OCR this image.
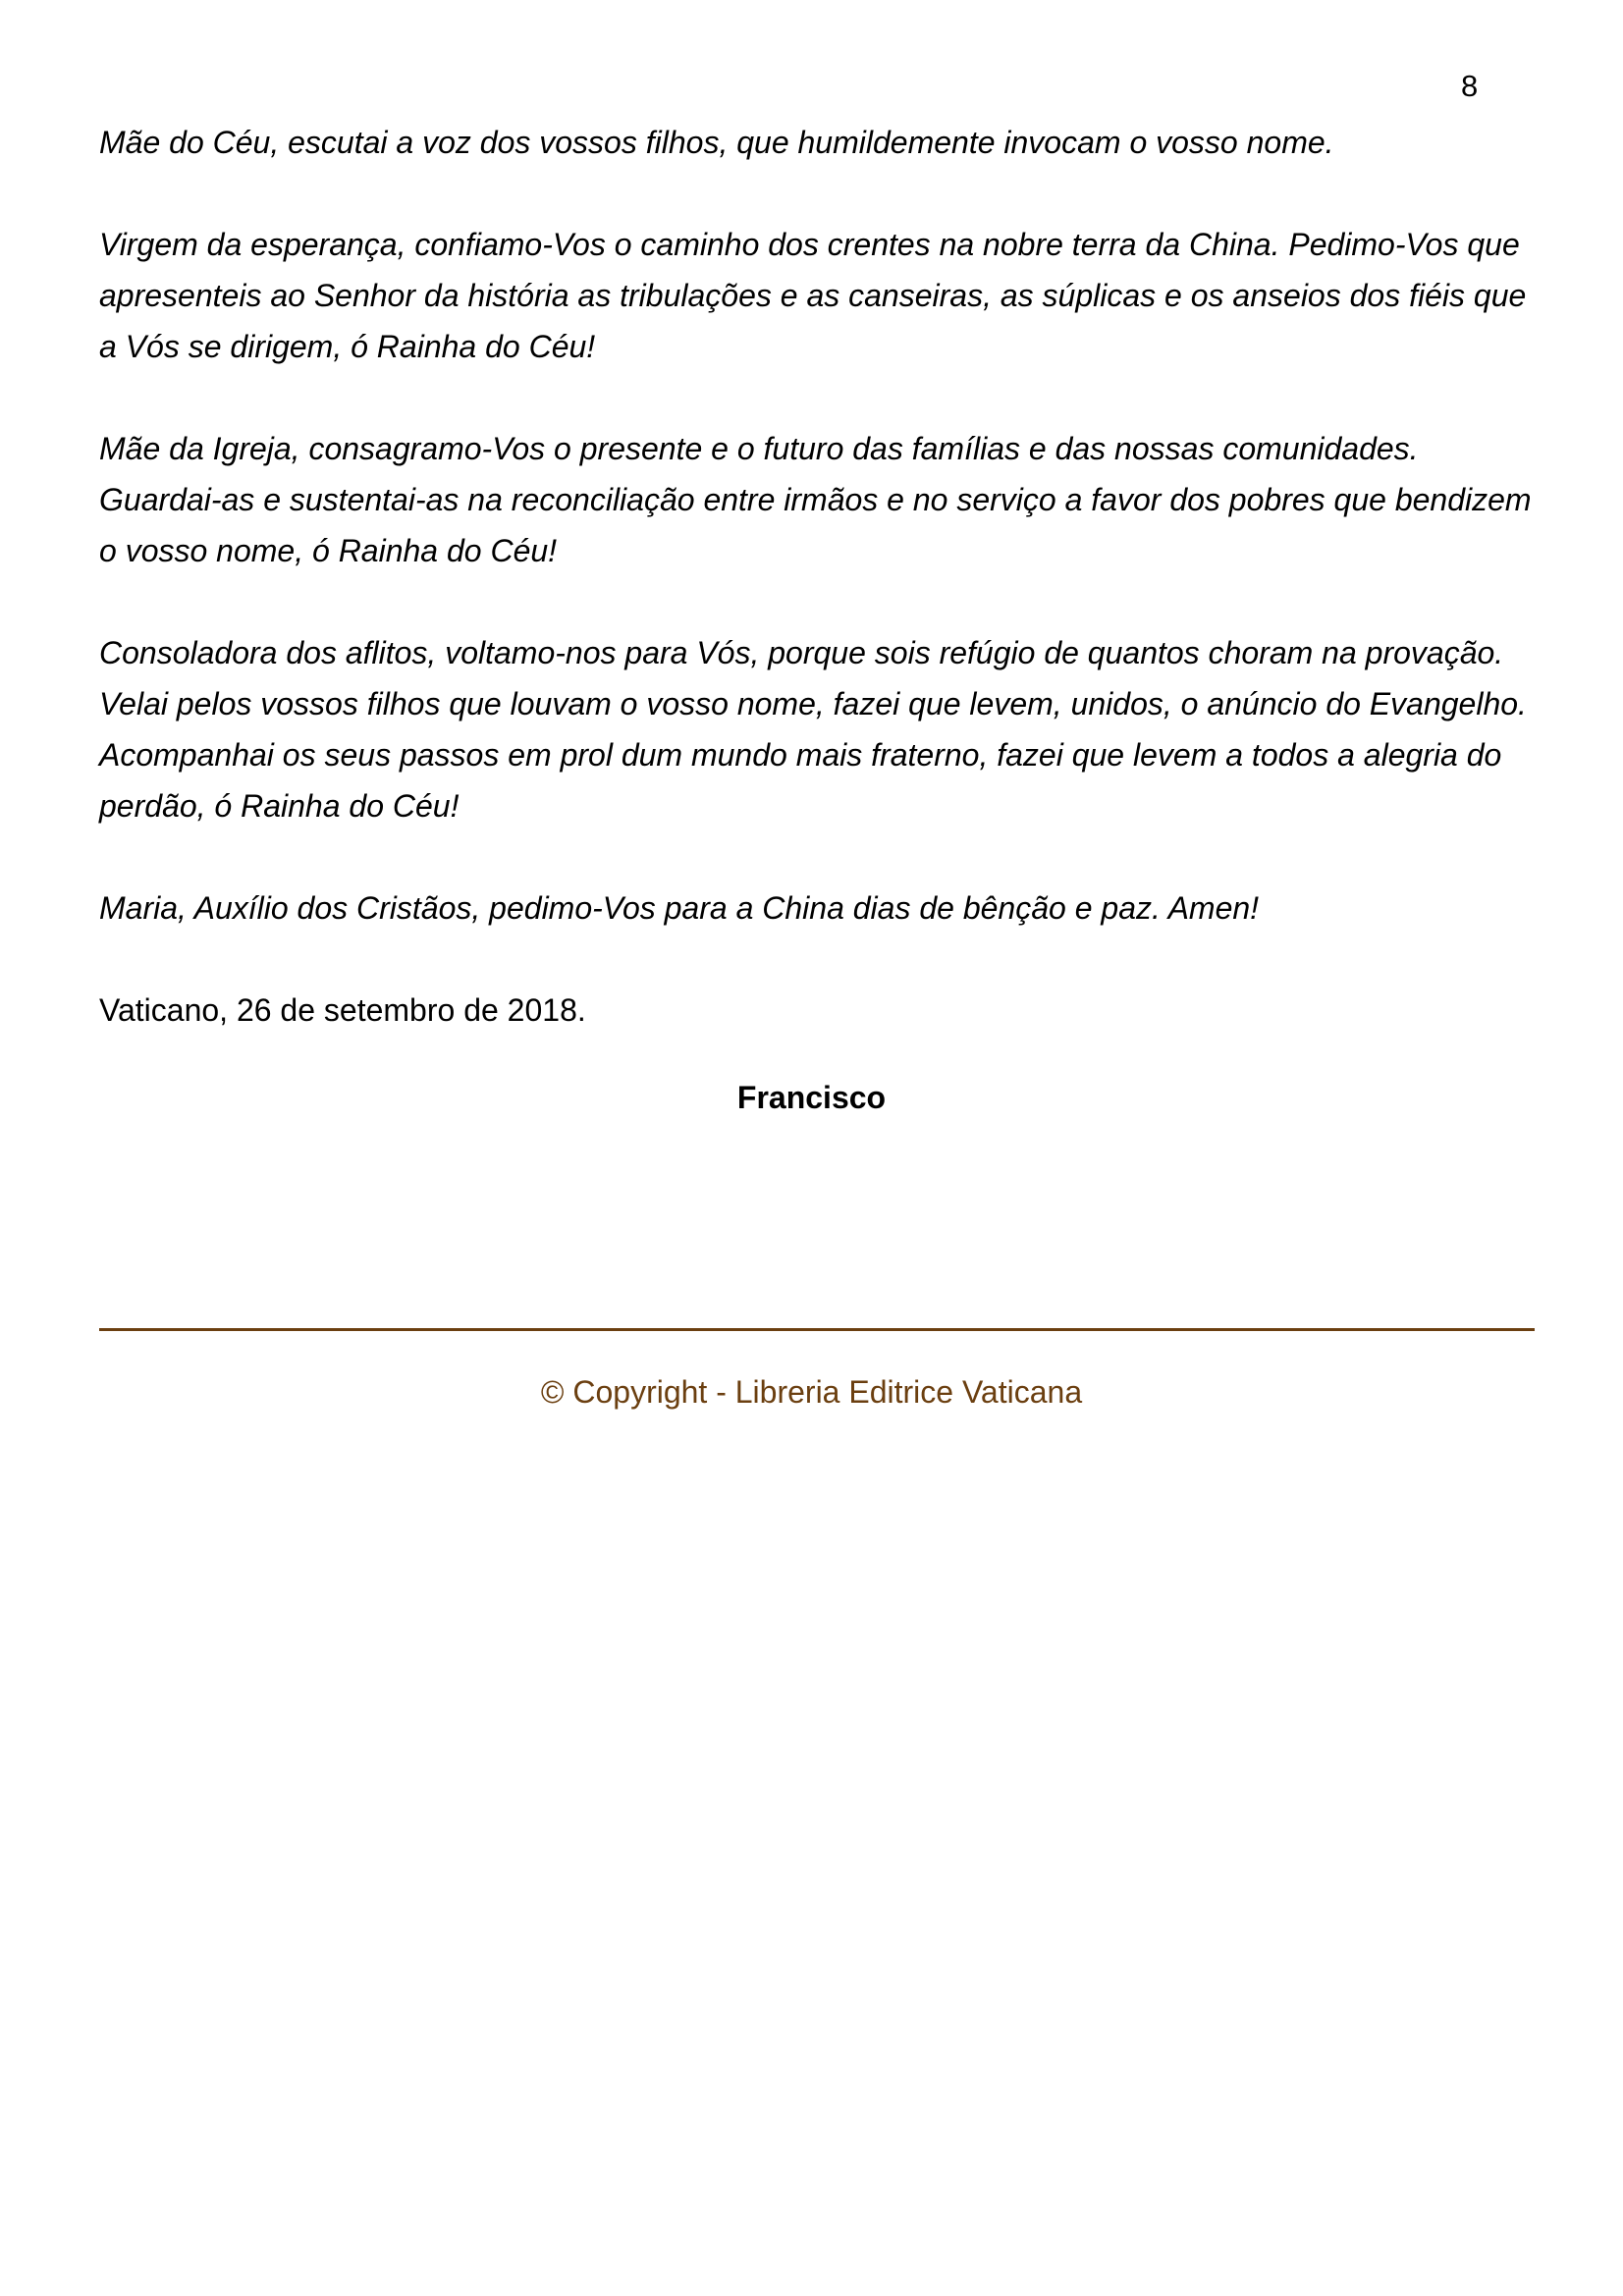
8

Mãe do Céu, escutai a voz dos vossos filhos, que humildemente invocam o vosso nome.

Virgem da esperança, confiamo-Vos o caminho dos crentes na nobre terra da China. Pedimo-Vos que apresenteis ao Senhor da história as tribulações e as canseiras, as súplicas e os anseios dos fiéis que a Vós se dirigem, ó Rainha do Céu!

Mãe da Igreja, consagramo-Vos o presente e o futuro das famílias e das nossas comunidades. Guardai-as e sustentai-as na reconciliação entre irmãos e no serviço a favor dos pobres que bendizem o vosso nome, ó Rainha do Céu!

Consoladora dos aflitos, voltamo-nos para Vós, porque sois refúgio de quantos choram na provação. Velai pelos vossos filhos que louvam o vosso nome, fazei que levem, unidos, o anúncio do Evangelho. Acompanhai os seus passos em prol dum mundo mais fraterno, fazei que levem a todos a alegria do perdão, ó Rainha do Céu!

Maria, Auxílio dos Cristãos, pedimo-Vos para a China dias de bênção e paz. Amen!

Vaticano, 26 de setembro de 2018.

Francisco
© Copyright - Libreria Editrice Vaticana
